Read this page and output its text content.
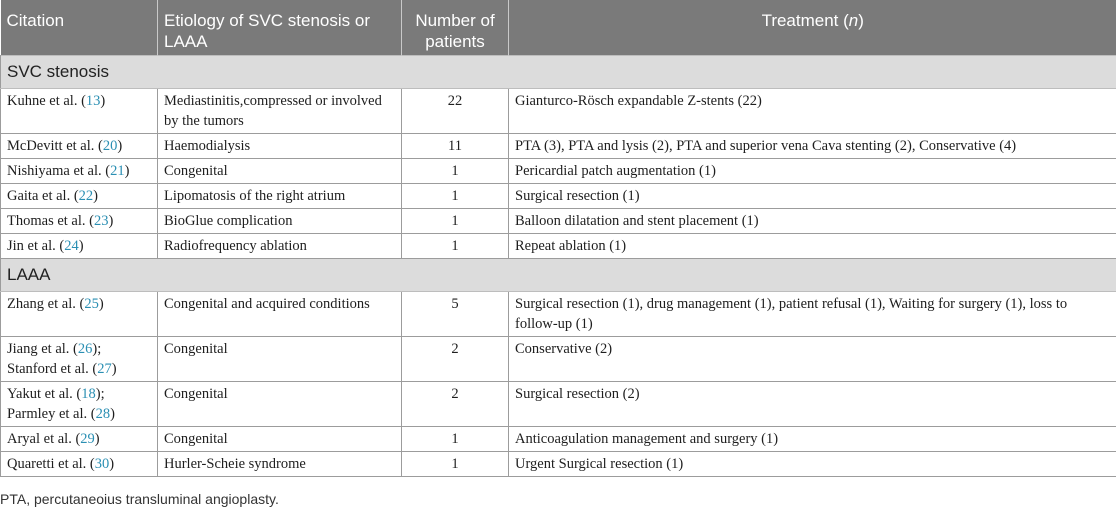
Citation	Etiology of SVC stenosis or LAAA	Number of patients	Treatment (n)
SVC stenosis			
Kuhne et al. (13)	Mediastinitis,compressed or involved by the tumors	22	Gianturco-Rösch expandable Z-stents (22)
McDevitt et al. (20)	Haemodialysis	11	PTA (3), PTA and lysis (2), PTA and superior vena Cava stenting (2), Conservative (4)
Nishiyama et al. (21)	Congenital	1	Pericardial patch augmentation (1)
Gaita et al. (22)	Lipomatosis of the right atrium	1	Surgical resection (1)
Thomas et al. (23)	BioGlue complication	1	Balloon dilatation and stent placement (1)
Jin et al. (24)	Radiofrequency ablation	1	Repeat ablation (1)
LAAA			
Zhang et al. (25)	Congenital and acquired conditions	5	Surgical resection (1), drug management (1), patient refusal (1), Waiting for surgery (1), loss to follow-up (1)
Jiang et al. (26);
Stanford et al. (27)	Congenital	2	Conservative (2)
Yakut et al. (18);
Parmley et al. (28)	Congenital	2	Surgical resection (2)
Aryal et al. (29)	Congenital	1	Anticoagulation management and surgery (1)
Quaretti et al. (30)	Hurler-Scheie syndrome	1	Urgent Surgical resection (1)
PTA, percutaneoius transluminal angioplasty.
